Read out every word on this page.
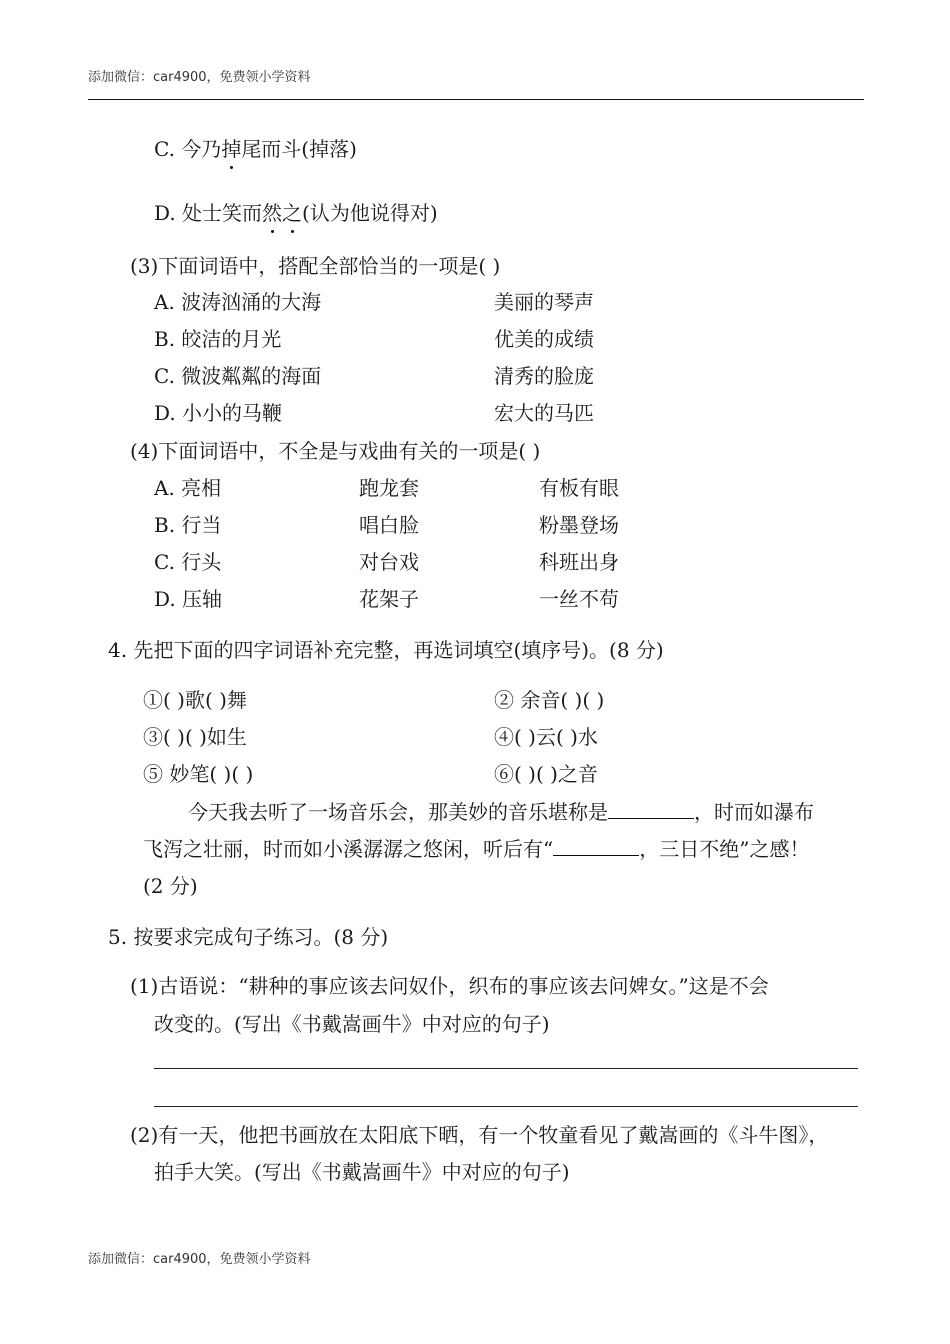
添加微信：car4900，免费领小学资料
C. 今乃掉尾而斗(掉落)
D. 处士笑而然之(认为他说得对)
(3)下面词语中，搭配全部恰当的一项是( )
A. 波涛汹涌的大海	美丽的琴声
B. 皎洁的月光	优美的成绩
C. 微波粼粼的海面	清秀的脸庞
D. 小小的马鞭	宏大的马匹
(4)下面词语中，不全是与戏曲有关的一项是( )
A. 亮相	跑龙套	有板有眼
B. 行当	唱白脸	粉墨登场
C. 行头	对台戏	科班出身
D. 压轴	花架子	一丝不苟
4. 先把下面的四字词语补充完整，再选词填空(填序号)。(8 分)
①( )歌( )舞	② 余音( )( )
③( )( )如生	④( )云( )水
⑤ 妙笔( )( )	⑥( )( )之音
今天我去听了一场音乐会，那美妙的音乐堪称是	，时而如瀑布
飞泻之壮丽，时而如小溪潺潺之悠闲，听后有“	，三日不绝”之感！
(2 分)
5. 按要求完成句子练习。(8 分)
(1)古语说：“耕种的事应该去问奴仆，织布的事应该去问婢女。”这是不会
改变的。(写出《书戴嵩画牛》中对应的句子)
(2)有一天，他把书画放在太阳底下晒，有一个牧童看见了戴嵩画的《斗牛图》，
拍手大笑。(写出《书戴嵩画牛》中对应的句子)
添加微信：car4900，免费领小学资料
